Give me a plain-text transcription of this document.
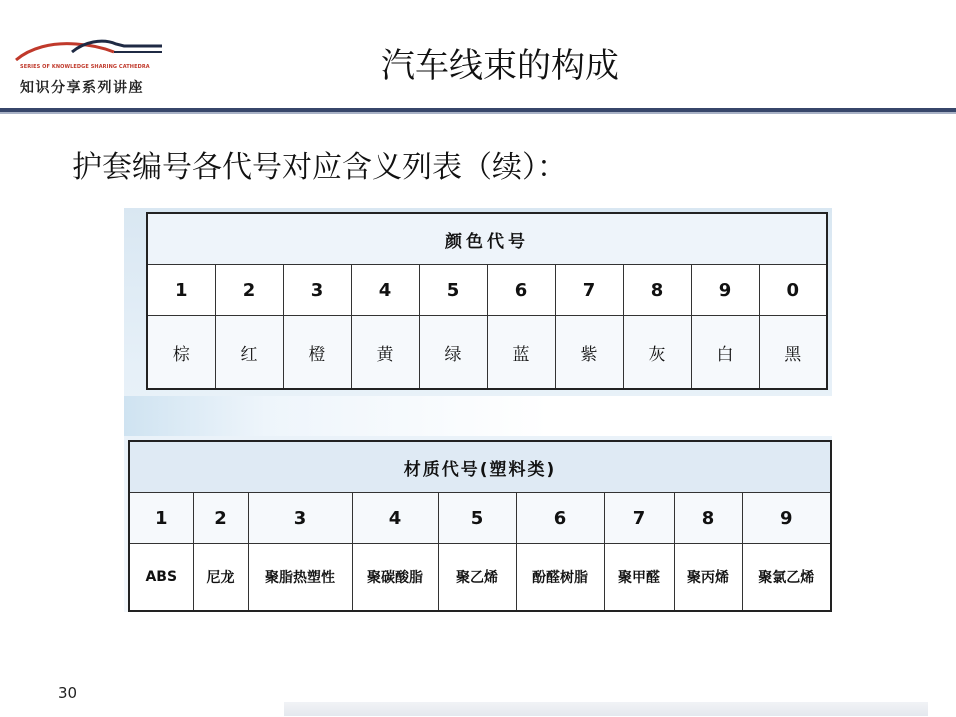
SERIES OF KNOWLEDGE SHARING CATHEDRA
知识分享系列讲座
汽车线束的构成
护套编号各代号对应含义列表（续）：
颜色代号									
1	2	3	4	5	6	7	8	9	0
棕	红	橙	黄	绿	蓝	紫	灰	白	黑
材质代号(塑料类)								
1	2	3	4	5	6	7	8	9
ABS	尼龙	聚脂热塑性	聚碳酸脂	聚乙烯	酚醛树脂	聚甲醛	聚丙烯	聚氯乙烯
30
